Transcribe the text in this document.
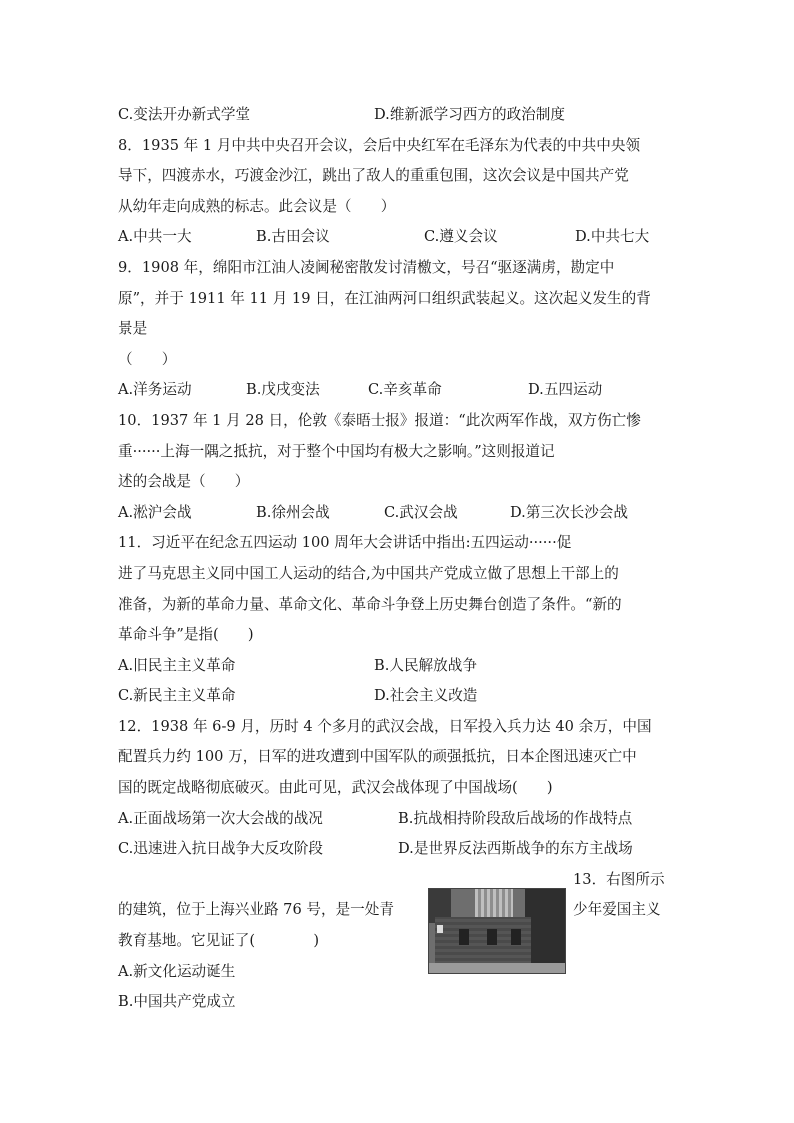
C.变法开办新式学堂	D.维新派学习西方的政治制度
8．1935 年 1 月中共中央召开会议，会后中央红军在毛泽东为代表的中共中央领
导下，四渡赤水，巧渡金沙江，跳出了敌人的重重包围，这次会议是中国共产党
从幼年走向成熟的标志。此会议是（　　）
A.中共一大	B.古田会议	C.遵义会议	D.中共七大
9．1908 年，绵阳市江油人凌阃秘密散发讨清檄文，号召“驱逐满虏，勘定中
原”，并于 1911 年 11 月 19 日，在江油两河口组织武装起义。这次起义发生的背
景是
（　　）
A.洋务运动	B.戊戌变法	C.辛亥革命	D.五四运动
10．1937 年 1 月 28 日，伦敦《泰晤士报》报道：“此次两军作战，双方伤亡惨
重······上海一隅之抵抗，对于整个中国均有极大之影响。”这则报道记
述的会战是（　　）
A.淞沪会战	B.徐州会战	C.武汉会战	D.第三次长沙会战
11．习近平在纪念五四运动 100 周年大会讲话中指出:五四运动······促
进了马克思主义同中国工人运动的结合,为中国共产党成立做了思想上干部上的
准备，为新的革命力量、革命文化、革命斗争登上历史舞台创造了条件。“新的
革命斗争”是指(　　)
A.旧民主主义革命	B.人民解放战争
C.新民主主义革命	D.社会主义改造
12．1938 年 6-9 月，历时 4 个多月的武汉会战，日军投入兵力达 40 余万，中国
配置兵力约 100 万，日军的进攻遭到中国军队的顽强抵抗，日本企图迅速灭亡中
国的既定战略彻底破灭。由此可见，武汉会战体现了中国战场(　　)
A.正面战场第一次大会战的战况	B.抗战相持阶段敌后战场的作战特点
C.迅速进入抗日战争大反攻阶段	D.是世界反法西斯战争的东方主战场
13．右图所示
的建筑，位于上海兴业路 76 号，是一处青	少年爱国主义
教育基地。它见证了(　　　　)
A.新文化运动诞生
B.中国共产党成立
